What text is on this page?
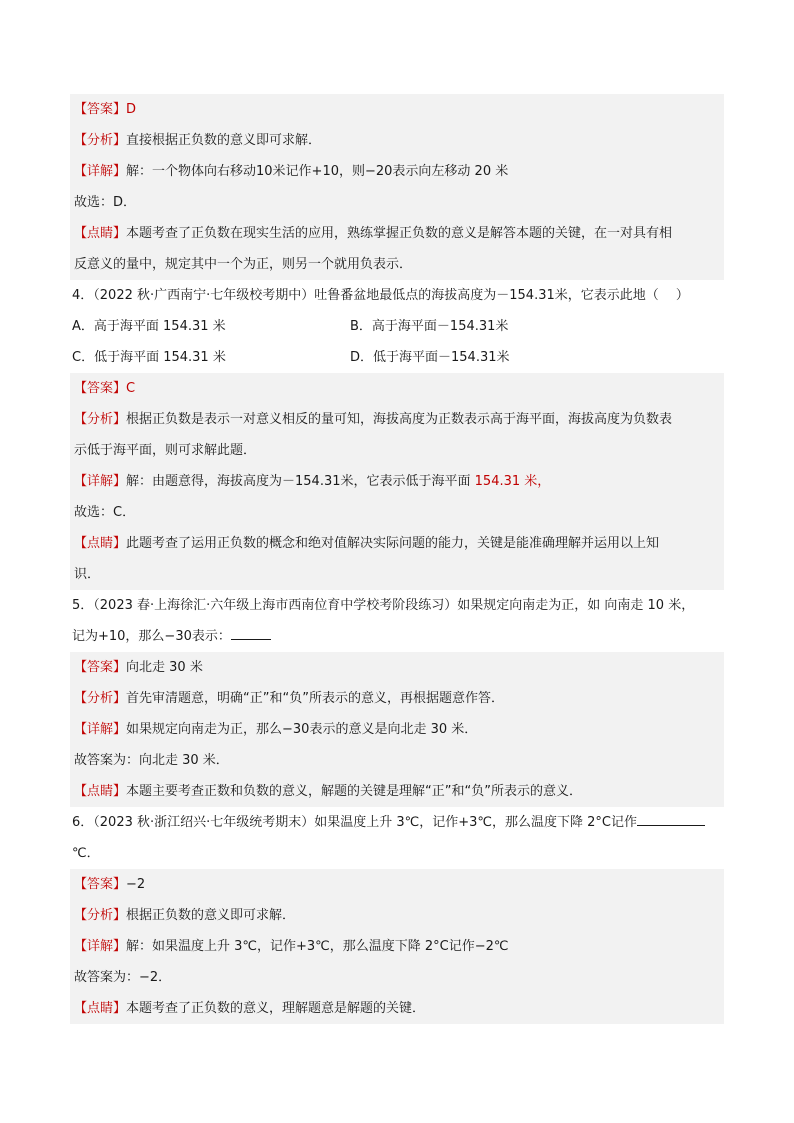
【答案】D
【分析】直接根据正负数的意义即可求解．
【详解】解：一个物体向右移动10米记作+10，则−20表示向左移动 20 米
故选：D．
【点睛】本题考查了正负数在现实生活的应用，熟练掌握正负数的意义是解答本题的关键，在一对具有相
反意义的量中，规定其中一个为正，则另一个就用负表示．
4．（2022 秋·广西南宁·七年级校考期中）吐鲁番盆地最低点的海拔高度为－154.31米，它表示此地（　 ）
A．高于海平面 154.31 米	B．高于海平面－154.31米
C．低于海平面 154.31 米	D．低于海平面－154.31米
【答案】C
【分析】根据正负数是表示一对意义相反的量可知，海拔高度为正数表示高于海平面，海拔高度为负数表
示低于海平面，则可求解此题．
【详解】解：由题意得，海拔高度为－154.31米，它表示低于海平面 154.31 米，
故选：C．
【点睛】此题考查了运用正负数的概念和绝对值解决实际问题的能力，关键是能准确理解并运用以上知
识．
5．（2023 春·上海徐汇·六年级上海市西南位育中学校考阶段练习）如果规定向南走为正，如 向南走 10 米，
记为+10，那么−30表示：
【答案】向北走 30 米
【分析】首先审清题意，明确“正”和“负”所表示的意义，再根据题意作答．
【详解】如果规定向南走为正，那么−30表示的意义是向北走 30 米．
故答案为：向北走 30 米．
【点睛】本题主要考查正数和负数的意义，解题的关键是理解“正”和“负”所表示的意义．
6．（2023 秋·浙江绍兴·七年级统考期末）如果温度上升 3℃，记作+3℃，那么温度下降 2°C记作
℃．
【答案】−2
【分析】根据正负数的意义即可求解．
【详解】解：如果温度上升 3℃，记作+3℃，那么温度下降 2°C记作−2℃
故答案为：−2．
【点睛】本题考查了正负数的意义，理解题意是解题的关键．
